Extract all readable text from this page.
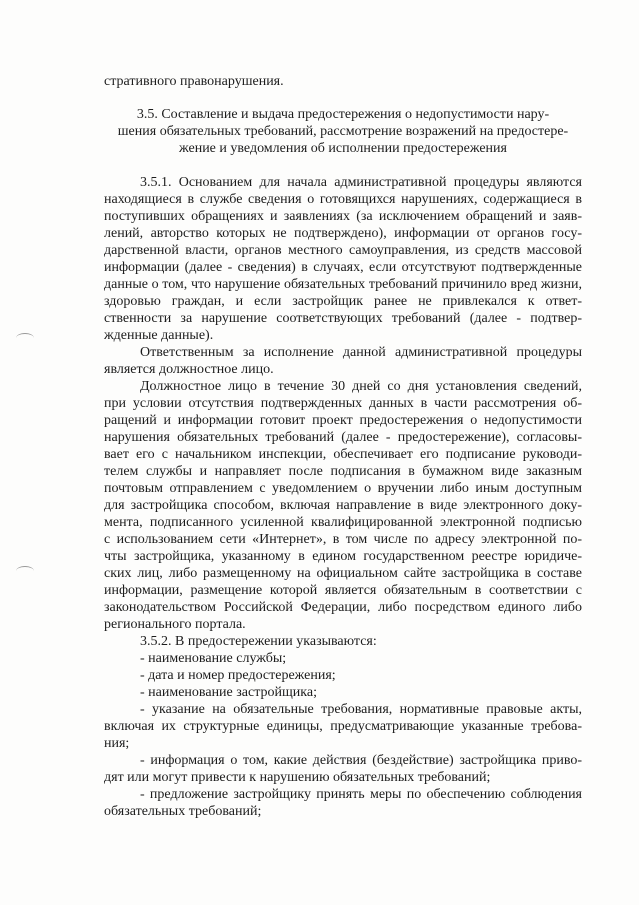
стративного правонарушения.

3.5. Составление и выдача предостережения о недопустимости нару-

шения обязательных требований, рассмотрение возражений на предостере-

жение и уведомления об исполнении предостережения

3.5.1. Основанием для начала административной процедуры являются

находящиеся в службе сведения о готовящихся нарушениях, содержащиеся в

поступивших обращениях и заявлениях (за исключением обращений и заяв-

лений, авторство которых не подтверждено), информации от органов госу-

дарственной власти, органов местного самоуправления, из средств массовой

информации (далее - сведения) в случаях, если отсутствуют подтвержденные

данные о том, что нарушение обязательных требований причинило вред жизни,

здоровью граждан, и если застройщик ранее не привлекался к ответ-

ственности за нарушение соответствующих требований (далее - подтвер-

жденные данные).

Ответственным за исполнение данной административной процедуры

является должностное лицо.

Должностное лицо в течение 30 дней со дня установления сведений,

при условии отсутствия подтвержденных данных в части рассмотрения об-

ращений и информации готовит проект предостережения о недопустимости

нарушения обязательных требований (далее - предостережение), согласовы-

вает его с начальником инспекции, обеспечивает его подписание руководи-

телем службы и направляет после подписания в бумажном виде заказным

почтовым отправлением с уведомлением о вручении либо иным доступным

для застройщика способом, включая направление в виде электронного доку-

мента, подписанного усиленной квалифицированной электронной подписью

с использованием сети «Интернет», в том числе по адресу электронной по-

чты застройщика, указанному в едином государственном реестре юридиче-

ских лиц, либо размещенному на официальном сайте застройщика в составе

информации, размещение которой является обязательным в соответствии с

законодательством Российской Федерации, либо посредством единого либо

регионального портала.

3.5.2. В предостережении указываются:

- наименование службы;

- дата и номер предостережения;

- наименование застройщика;

- указание на обязательные требования, нормативные правовые акты,

включая их структурные единицы, предусматривающие указанные требова-

ния;

- информация о том, какие действия (бездействие) застройщика приво-

дят или могут привести к нарушению обязательных требований;

- предложение застройщику принять меры по обеспечению соблюдения

обязательных требований;
